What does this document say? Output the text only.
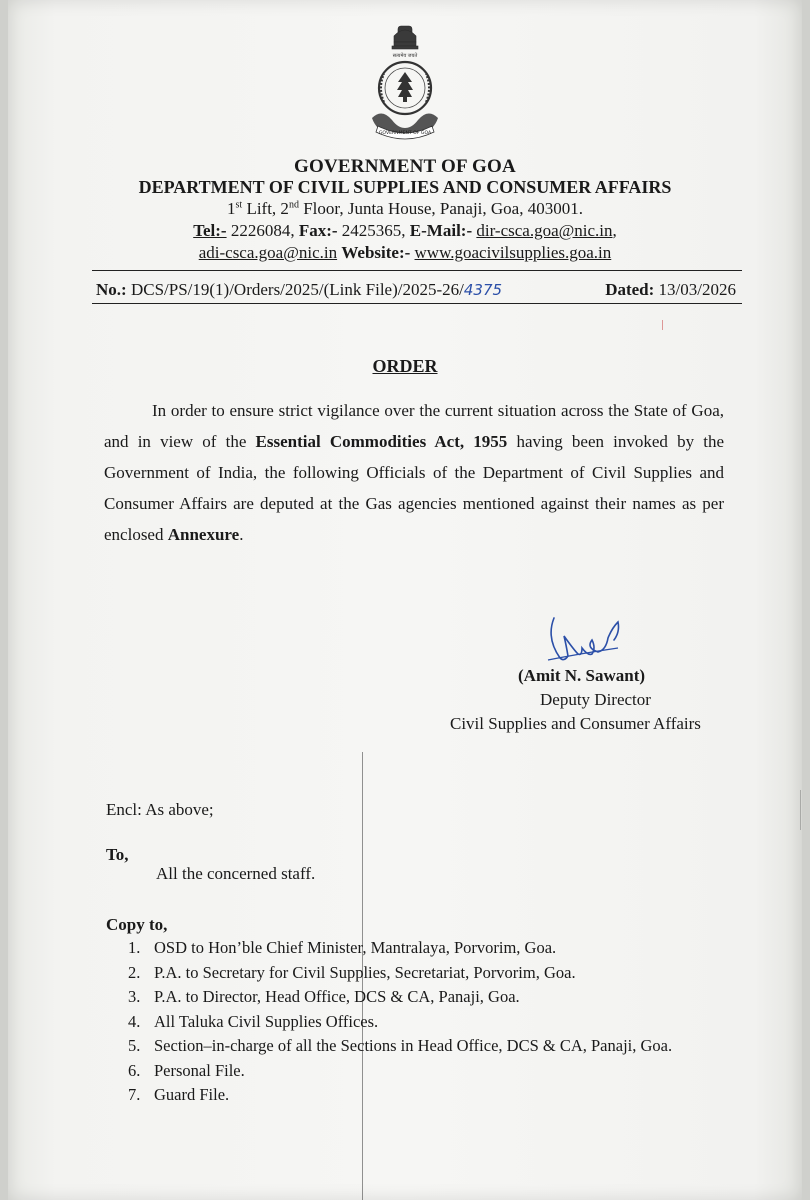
सत्यमेव जयते
GOVERNMENT OF GOA
GOVERNMENT OF GOA
DEPARTMENT OF CIVIL SUPPLIES AND CONSUMER AFFAIRS
1st Lift, 2nd Floor, Junta House, Panaji, Goa, 403001.
Tel:- 2226084, Fax:- 2425365, E-Mail:- dir-csca.goa@nic.in,
adi-csca.goa@nic.in Website:- www.goacivilsupplies.goa.in
No.: DCS/PS/19(1)/Orders/2025/(Link File)/2025-26/4375	Dated: 13/03/2026
ORDER

In order to ensure strict vigilance over the current situation across the State of Goa, and in view of the Essential Commodities Act, 1955 having been invoked by the Government of India, the following Officials of the Department of Civil Supplies and Consumer Affairs are deputed at the Gas agencies mentioned against their names as per enclosed Annexure.

(Amit N. Sawant)
Deputy Director
Civil Supplies and Consumer Affairs
Encl: As above;
To,
All the concerned staff.
Copy to,
1. OSD to Hon’ble Chief Minister, Mantralaya, Porvorim, Goa.
2. P.A. to Secretary for Civil Supplies, Secretariat, Porvorim, Goa.
3. P.A. to Director, Head Office, DCS & CA, Panaji, Goa.
4. All Taluka Civil Supplies Offices.
5. Section–in-charge of all the Sections in Head Office, DCS & CA, Panaji, Goa.
6. Personal File.
7. Guard File.
